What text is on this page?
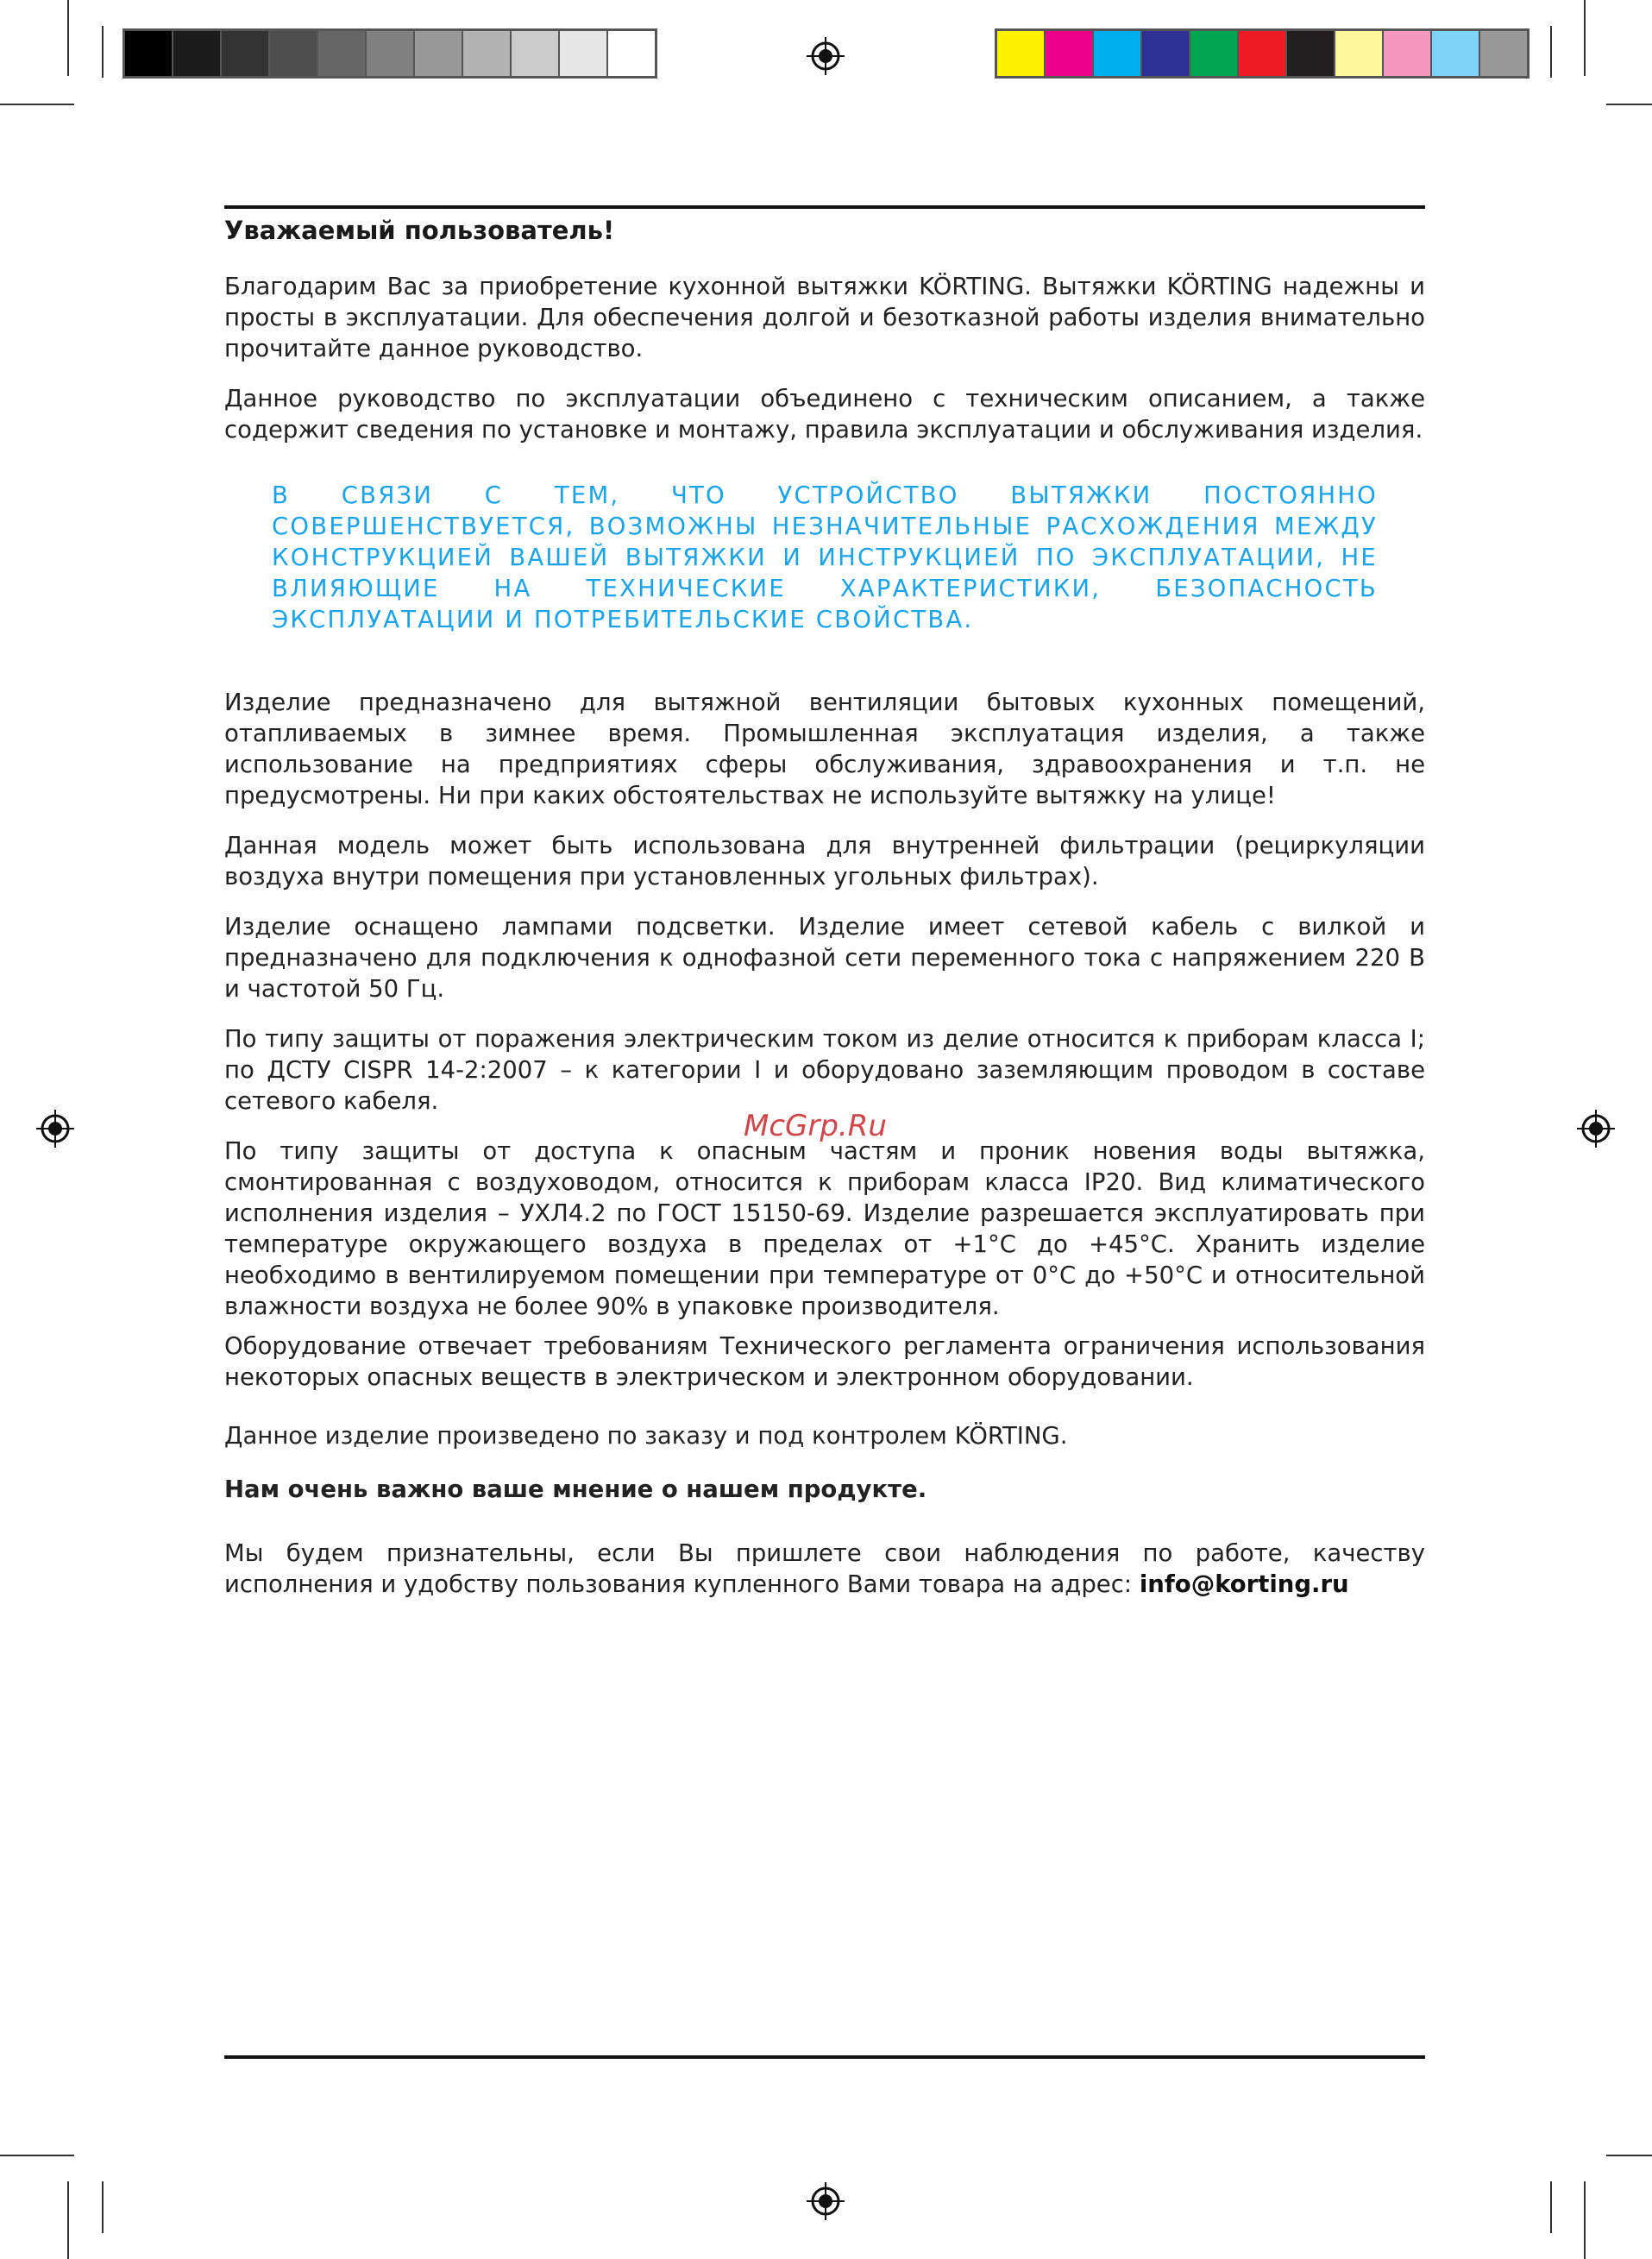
Уважаемый пользователь!

Благодарим Вас за приобретение кухонной вытяжки KÖRTING. Вытяжки KÖRTING надежны и просты в эксплуатации. Для обеспечения долгой и безотказной работы изделия внимательно прочитайте данное руководство.

Данное руководство по эксплуатации объединено с техническим описанием, а также содержит сведения по установке и монтажу, правила эксплуатации и обслуживания изделия.

В СВЯЗИ С ТЕМ, ЧТО УСТРОЙСТВО ВЫТЯЖКИ ПОСТОЯННО СОВЕРШЕНСТВУЕТСЯ, ВОЗМОЖНЫ НЕЗНАЧИТЕЛЬНЫЕ РАСХОЖДЕНИЯ МЕЖДУ КОНСТРУКЦИЕЙ ВАШЕЙ ВЫТЯЖКИ И ИНСТРУКЦИЕЙ ПО ЭКСПЛУАТАЦИИ, НЕ ВЛИЯЮЩИЕ НА ТЕХНИЧЕСКИЕ ХАРАКТЕРИСТИКИ, БЕЗОПАСНОСТЬ ЭКСПЛУАТАЦИИ И ПОТРЕБИТЕЛЬСКИЕ СВОЙСТВА.

Изделие предназначено для вытяжной вентиляции бытовых кухонных помещений, отапливаемых в зимнее время. Промышленная эксплуатация изделия, а также использование на предприятиях сферы обслуживания, здравоохранения и т.п. не предусмотрены. Ни при каких обстоятельствах не используйте вытяжку на улице!

Данная модель может быть использована для внутренней фильтрации (рециркуляции воздуха внутри помещения при установленных угольных фильтрах).

Изделие оснащено лампами подсветки. Изделие имеет сетевой кабель с вилкой и предназначено для подключения к однофазной сети переменного тока с напряжением 220 В и частотой 50 Гц.

По типу защиты от поражения электрическим током из делие относится к приборам класса I; по ДСТУ CISPR 14-2:2007 – к категории I и оборудовано заземляющим проводом в составе сетевого кабеля.

По типу защиты от доступа к опасным частям и проник новения воды вытяжка, смонтированная с воздуховодом, относится к приборам класса IP20. Вид климатического исполнения изделия – УХЛ4.2 по ГОСТ 15150-69. Изделие разрешается эксплуатировать при температуре окружающего воздуха в пределах от +1°С до +45°С. Хранить изделие необходимо в вентилируемом помещении при температуре от 0°С до +50°С и относительной влажности воздуха не более 90% в упаковке производителя.

Оборудование отвечает требованиям Технического регламента ограничения использования некоторых опасных веществ в электрическом и электронном оборудовании.

Данное изделие произведено по заказу и под контролем KÖRTING.

Нам очень важно ваше мнение о нашем продукте.

Мы будем признательны, если Вы пришлете свои наблюдения по работе, качеству исполнения и удобству пользования купленного Вами товара на адрес: info@korting.ru

McGrp.Ru
